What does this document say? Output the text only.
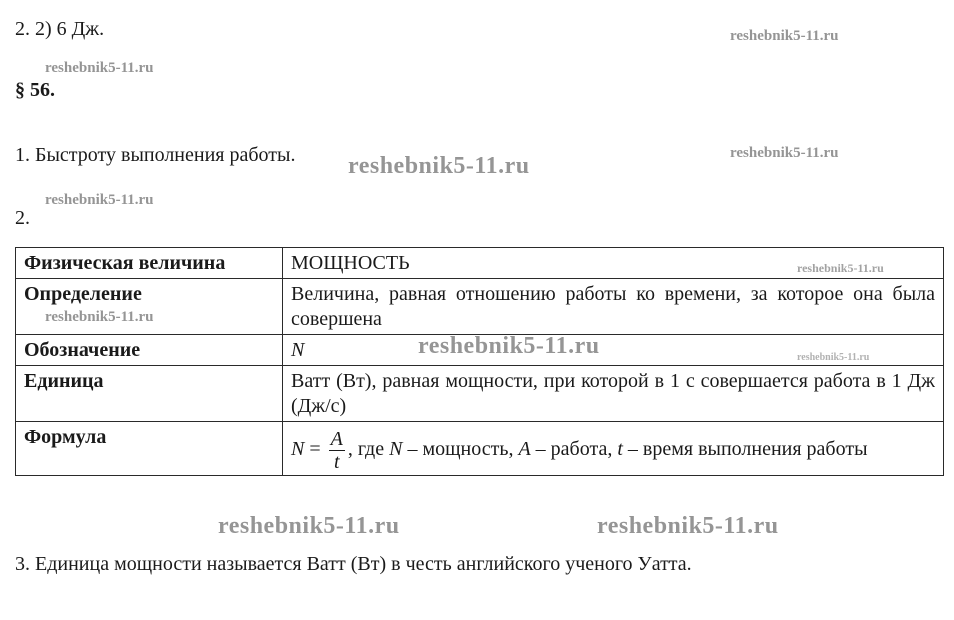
2. 2) 6 Дж.
§ 56.
1. Быстроту выполнения работы.
2.
Физическая величина	МОЩНОСТЬ
Определение	Величина, равная отношению работы ко времени, за которое она была совершена
Обозначение	N
Единица	Ватт (Вт), равная мощности, при которой в 1 с совершается работа в 1 Дж (Дж/с)
Формула	$N = \frac{A}{t}$ , где N – мощность, A – работа, t – время выполнения работы
3. Единица мощности называется Ватт (Вт) в честь английского ученого Уатта.
reshebnik5-11.ru
reshebnik5-11.ru
reshebnik5-11.ru
reshebnik5-11.ru
reshebnik5-11.ru
reshebnik5-11.ru
reshebnik5-11.ru
reshebnik5-11.ru	reshebnik5-11.ru
reshebnik5-11.ru	reshebnik5-11.ru
